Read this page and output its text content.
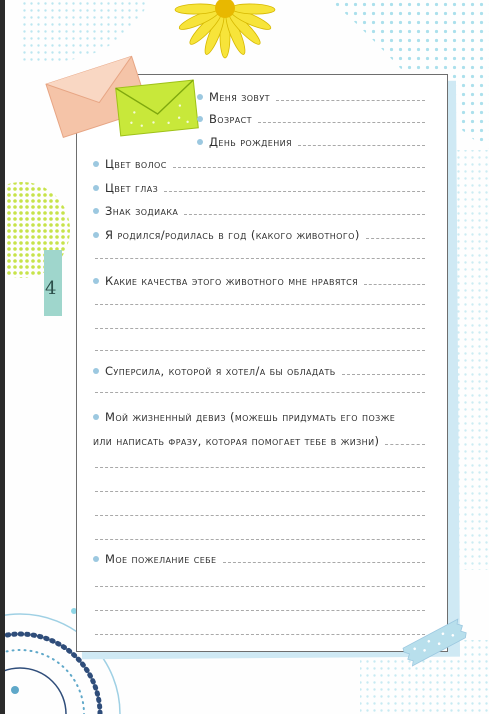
4
Меня зовут
Возраст
День рождения
Цвет волос
Цвет глаз
Знак зодиака
Я родился/родилась в год (какого животного)
Какие качества этого животного мне нравятся
Суперсила, которой я хотел/а бы обладать
Мой жизненный девиз (можешь придумать его позже
или написать фразу, которая помогает тебе в жизни)
Мое пожелание себе
